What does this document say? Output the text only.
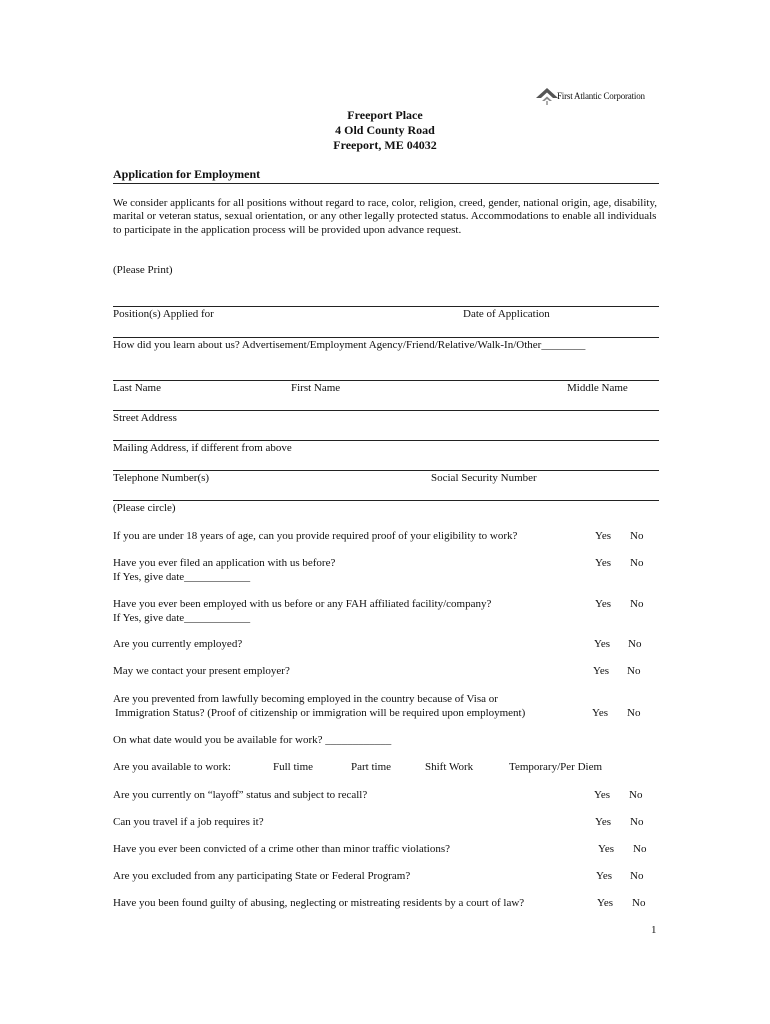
First Atlantic Corporation
Freeport Place
4 Old County Road
Freeport, ME 04032
Application for Employment
We consider applicants for all positions without regard to race, color, religion, creed, gender, national origin, age, disability, marital or veteran status, sexual orientation, or any other legally protected status. Accommodations to enable all individuals to participate in the application process will be provided upon advance request.
(Please Print)
Position(s) Applied for	Date of Application
How did you learn about us? Advertisement/Employment Agency/Friend/Relative/Walk-In/Other________
Last Name	First Name	Middle Name
Street Address
Mailing Address, if different from above
Telephone Number(s)	Social Security Number
(Please circle)
If you are under 18 years of age, can you provide required proof of your eligibility to work?	Yes No
Have you ever filed an application with us before?
If Yes, give date____________
Yes No
Have you ever been employed with us before or any FAH affiliated facility/company?
If Yes, give date____________
Yes No
Are you currently employed?	Yes No
May we contact your present employer?	Yes No
Are you prevented from lawfully becoming employed in the country because of Visa or
Immigration Status? (Proof of citizenship or immigration will be required upon employment)	Yes No
On what date would you be available for work? ____________
Are you available to work:	Full time	Part time	Shift Work	Temporary/Per Diem
Are you currently on “layoff” status and subject to recall?	Yes No
Can you travel if a job requires it?	Yes No
Have you ever been convicted of a crime other than minor traffic violations?	Yes No
Are you excluded from any participating State or Federal Program?	Yes No
Have you been found guilty of abusing, neglecting or mistreating residents by a court of law?	Yes No
1
